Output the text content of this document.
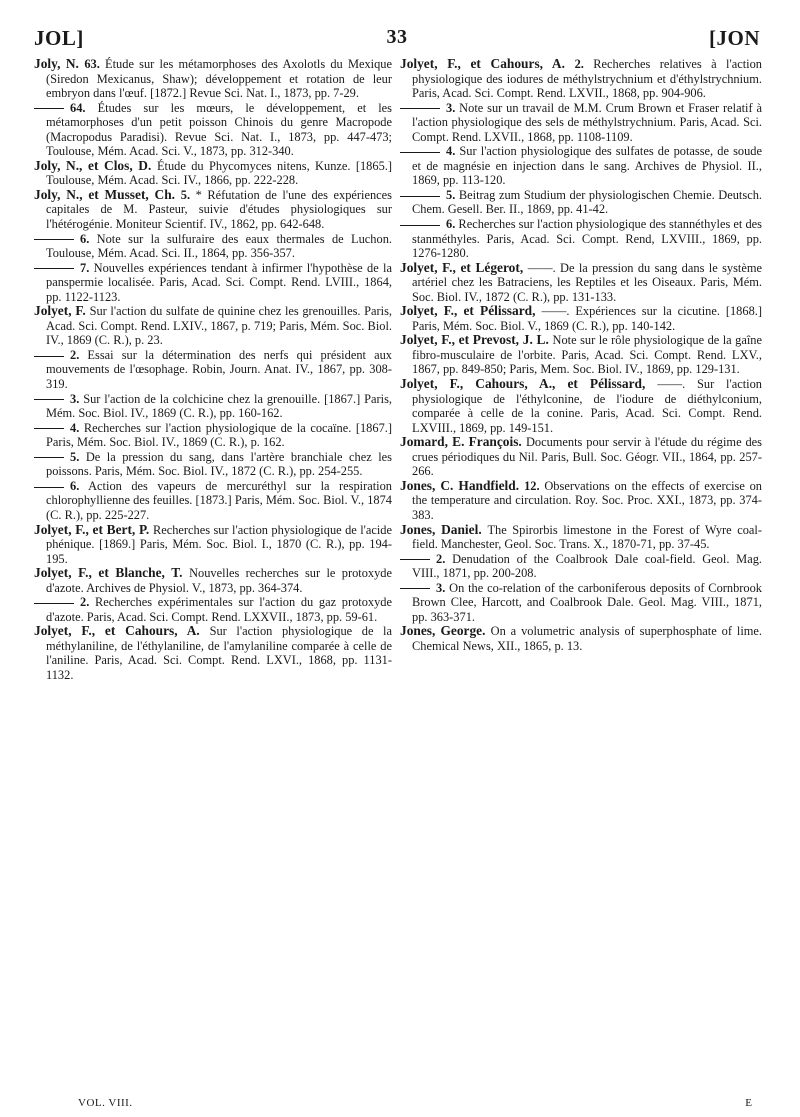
JOL]	33	[JON

Joly, N. 63. Étude sur les métamorphoses des Axolotls du Mexique (Siredon Mexicanus, Shaw); développement et rotation de leur embryon dans l'œuf. [1872.] Revue Sci. Nat. I., 1873, pp. 7-29.

64. Études sur les mœurs, le développement, et les métamorphoses d'un petit poisson Chinois du genre Macropode (Macropodus Paradisi). Revue Sci. Nat. I., 1873, pp. 447-473; Toulouse, Mém. Acad. Sci. V., 1873, pp. 312-340.

Joly, N., et Clos, D. Étude du Phycomyces nitens, Kunze. [1865.] Toulouse, Mém. Acad. Sci. IV., 1866, pp. 222-228.

Joly, N., et Musset, Ch. 5. * Réfutation de l'une des expériences capitales de M. Pasteur, suivie d'études physiologiques sur l'hétérogénie. Moniteur Scientif. IV., 1862, pp. 642-648.

6. Note sur la sulfuraire des eaux thermales de Luchon. Toulouse, Mém. Acad. Sci. II., 1864, pp. 356-357.

7. Nouvelles expériences tendant à infirmer l'hypothèse de la panspermie localisée. Paris, Acad. Sci. Compt. Rend. LVIII., 1864, pp. 1122-1123.

Jolyet, F. Sur l'action du sulfate de quinine chez les grenouilles. Paris, Acad. Sci. Compt. Rend. LXIV., 1867, p. 719; Paris, Mém. Soc. Biol. IV., 1869 (C. R.), p. 23.

2. Essai sur la détermination des nerfs qui président aux mouvements de l'œsophage. Robin, Journ. Anat. IV., 1867, pp. 308-319.

3. Sur l'action de la colchicine chez la grenouille. [1867.] Paris, Mém. Soc. Biol. IV., 1869 (C. R.), pp. 160-162.

4. Recherches sur l'action physiologique de la cocaïne. [1867.] Paris, Mém. Soc. Biol. IV., 1869 (C. R.), p. 162.

5. De la pression du sang, dans l'artère branchiale chez les poissons. Paris, Mém. Soc. Biol. IV., 1872 (C. R.), pp. 254-255.

6. Action des vapeurs de mercuréthyl sur la respiration chlorophyllienne des feuilles. [1873.] Paris, Mém. Soc. Biol. V., 1874 (C. R.), pp. 225-227.

Jolyet, F., et Bert, P. Recherches sur l'action physiologique de l'acide phénique. [1869.] Paris, Mém. Soc. Biol. I., 1870 (C. R.), pp. 194-195.

Jolyet, F., et Blanche, T. Nouvelles recherches sur le protoxyde d'azote. Archives de Physiol. V., 1873, pp. 364-374.

2. Recherches expérimentales sur l'action du gaz protoxyde d'azote. Paris, Acad. Sci. Compt. Rend. LXXVII., 1873, pp. 59-61.

Jolyet, F., et Cahours, A. Sur l'action physiologique de la méthylaniline, de l'éthylaniline, de l'amylaniline comparée à celle de l'aniline. Paris, Acad. Sci. Compt. Rend. LXVI., 1868, pp. 1131-1132.

Jolyet, F., et Cahours, A. 2. Recherches relatives à l'action physiologique des iodures de méthylstrychnium et d'éthylstrychnium. Paris, Acad. Sci. Compt. Rend. LXVII., 1868, pp. 904-906.

3. Note sur un travail de M.M. Crum Brown et Fraser relatif à l'action physiologique des sels de méthylstrychnium. Paris, Acad. Sci. Compt. Rend. LXVII., 1868, pp. 1108-1109.

4. Sur l'action physiologique des sulfates de potasse, de soude et de magnésie en injection dans le sang. Archives de Physiol. II., 1869, pp. 113-120.

5. Beitrag zum Studium der physiologischen Chemie. Deutsch. Chem. Gesell. Ber. II., 1869, pp. 41-42.

6. Recherches sur l'action physiologique des stannéthyles et des stanméthyles. Paris, Acad. Sci. Compt. Rend, LXVIII., 1869, pp. 1276-1280.

Jolyet, F., et Légerot, ——. De la pression du sang dans le système artériel chez les Batraciens, les Reptiles et les Oiseaux. Paris, Mém. Soc. Biol. IV., 1872 (C. R.), pp. 131-133.

Jolyet, F., et Pélissard, ——. Expériences sur la cicutine. [1868.] Paris, Mém. Soc. Biol. V., 1869 (C. R.), pp. 140-142.

Jolyet, F., et Prevost, J. L. Note sur le rôle physiologique de la gaîne fibro-musculaire de l'orbite. Paris, Acad. Sci. Compt. Rend. LXV., 1867, pp. 849-850; Paris, Mem. Soc. Biol. IV., 1869, pp. 129-131.

Jolyet, F., Cahours, A., et Pélissard, ——. Sur l'action physiologique de l'éthylconine, de l'iodure de diéthylconium, comparée à celle de la conine. Paris, Acad. Sci. Compt. Rend. LXVIII., 1869, pp. 149-151.

Jomard, E. François. Documents pour servir à l'étude du régime des crues périodiques du Nil. Paris, Bull. Soc. Géogr. VII., 1864, pp. 257-266.

Jones, C. Handfield. 12. Observations on the effects of exercise on the temperature and circulation. Roy. Soc. Proc. XXI., 1873, pp. 374-383.

Jones, Daniel. The Spirorbis limestone in the Forest of Wyre coal-field. Manchester, Geol. Soc. Trans. X., 1870-71, pp. 37-45.

2. Denudation of the Coalbrook Dale coal-field. Geol. Mag. VIII., 1871, pp. 200-208.

3. On the co-relation of the carboniferous deposits of Cornbrook Brown Clee, Harcott, and Coalbrook Dale. Geol. Mag. VIII., 1871, pp. 363-371.

Jones, George. On a volumetric analysis of superphosphate of lime. Chemical News, XII., 1865, p. 13.

VOL. VIII.	E
